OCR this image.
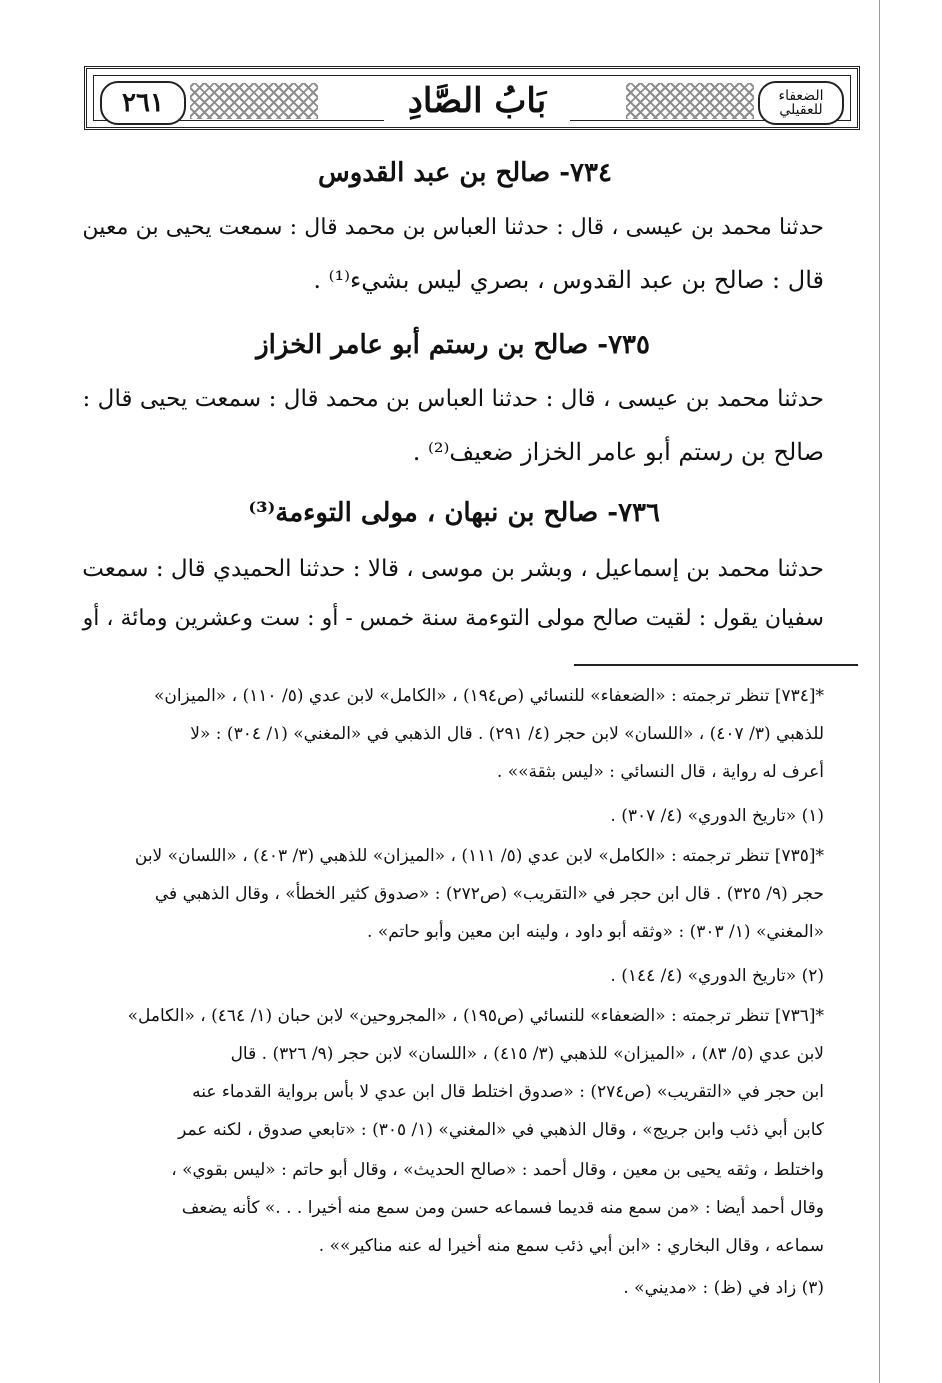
٢٦١	بَابُ الصَّادِ	الضعفاء للعقيلي
٧٣٤- صالح بن عبد القدوس
حدثنا محمد بن عيسى ، قال : حدثنا العباس بن محمد قال : سمعت يحيى بن معين
قال : صالح بن عبد القدوس ، بصري ليس بشيء⁽¹⁾ .
٧٣٥- صالح بن رستم أبو عامر الخزاز
حدثنا محمد بن عيسى ، قال : حدثنا العباس بن محمد قال : سمعت يحيى قال :
صالح بن رستم أبو عامر الخزاز ضعيف⁽²⁾ .
٧٣٦- صالح بن نبهان ، مولى التوءمة⁽³⁾
حدثنا محمد بن إسماعيل ، وبشر بن موسى ، قالا : حدثنا الحميدي قال : سمعت
سفيان يقول : لقيت صالح مولى التوءمة سنة خمس - أو : ست وعشرين ومائة ، أو
*[٧٣٤] تنظر ترجمته : «الضعفاء» للنسائي (ص١٩٤) ، «الكامل» لابن عدي (٥/ ١١٠) ، «الميزان»
للذهبي (٣/ ٤٠٧) ، «اللسان» لابن حجر (٤/ ٢٩١) . قال الذهبي في «المغني» (١/ ٣٠٤) : «لا
أعرف له رواية ، قال النسائي : «ليس بثقة»» .
(١) «تاريخ الدوري» (٤/ ٣٠٧) .
*[٧٣٥] تنظر ترجمته : «الكامل» لابن عدي (٥/ ١١١) ، «الميزان» للذهبي (٣/ ٤٠٣) ، «اللسان» لابن
حجر (٩/ ٣٢٥) . قال ابن حجر في «التقريب» (ص٢٧٢) : «صدوق كثير الخطأ» ، وقال الذهبي في
«المغني» (١/ ٣٠٣) : «وثقه أبو داود ، ولينه ابن معين وأبو حاتم» .
(٢) «تاريخ الدوري» (٤/ ١٤٤) .
*[٧٣٦] تنظر ترجمته : «الضعفاء» للنسائي (ص١٩٥) ، «المجروحين» لابن حبان (١/ ٤٦٤) ، «الكامل»
لابن عدي (٥/ ٨٣) ، «الميزان» للذهبي (٣/ ٤١٥) ، «اللسان» لابن حجر (٩/ ٣٢٦) . قال
ابن حجر في «التقريب» (ص٢٧٤) : «صدوق اختلط قال ابن عدي لا بأس برواية القدماء عنه
كابن أبي ذئب وابن جريج» ، وقال الذهبي في «المغني» (١/ ٣٠٥) : «تابعي صدوق ، لكنه عمر
واختلط ، وثقه يحيى بن معين ، وقال أحمد : «صالح الحديث» ، وقال أبو حاتم : «ليس بقوي» ،
وقال أحمد أيضا : «من سمع منه قديما فسماعه حسن ومن سمع منه أخيرا . . .» كأنه يضعف
سماعه ، وقال البخاري : «ابن أبي ذئب سمع منه أخيرا له عنه مناكير»» .
(٣) زاد في (ظ) : «مديني» .
